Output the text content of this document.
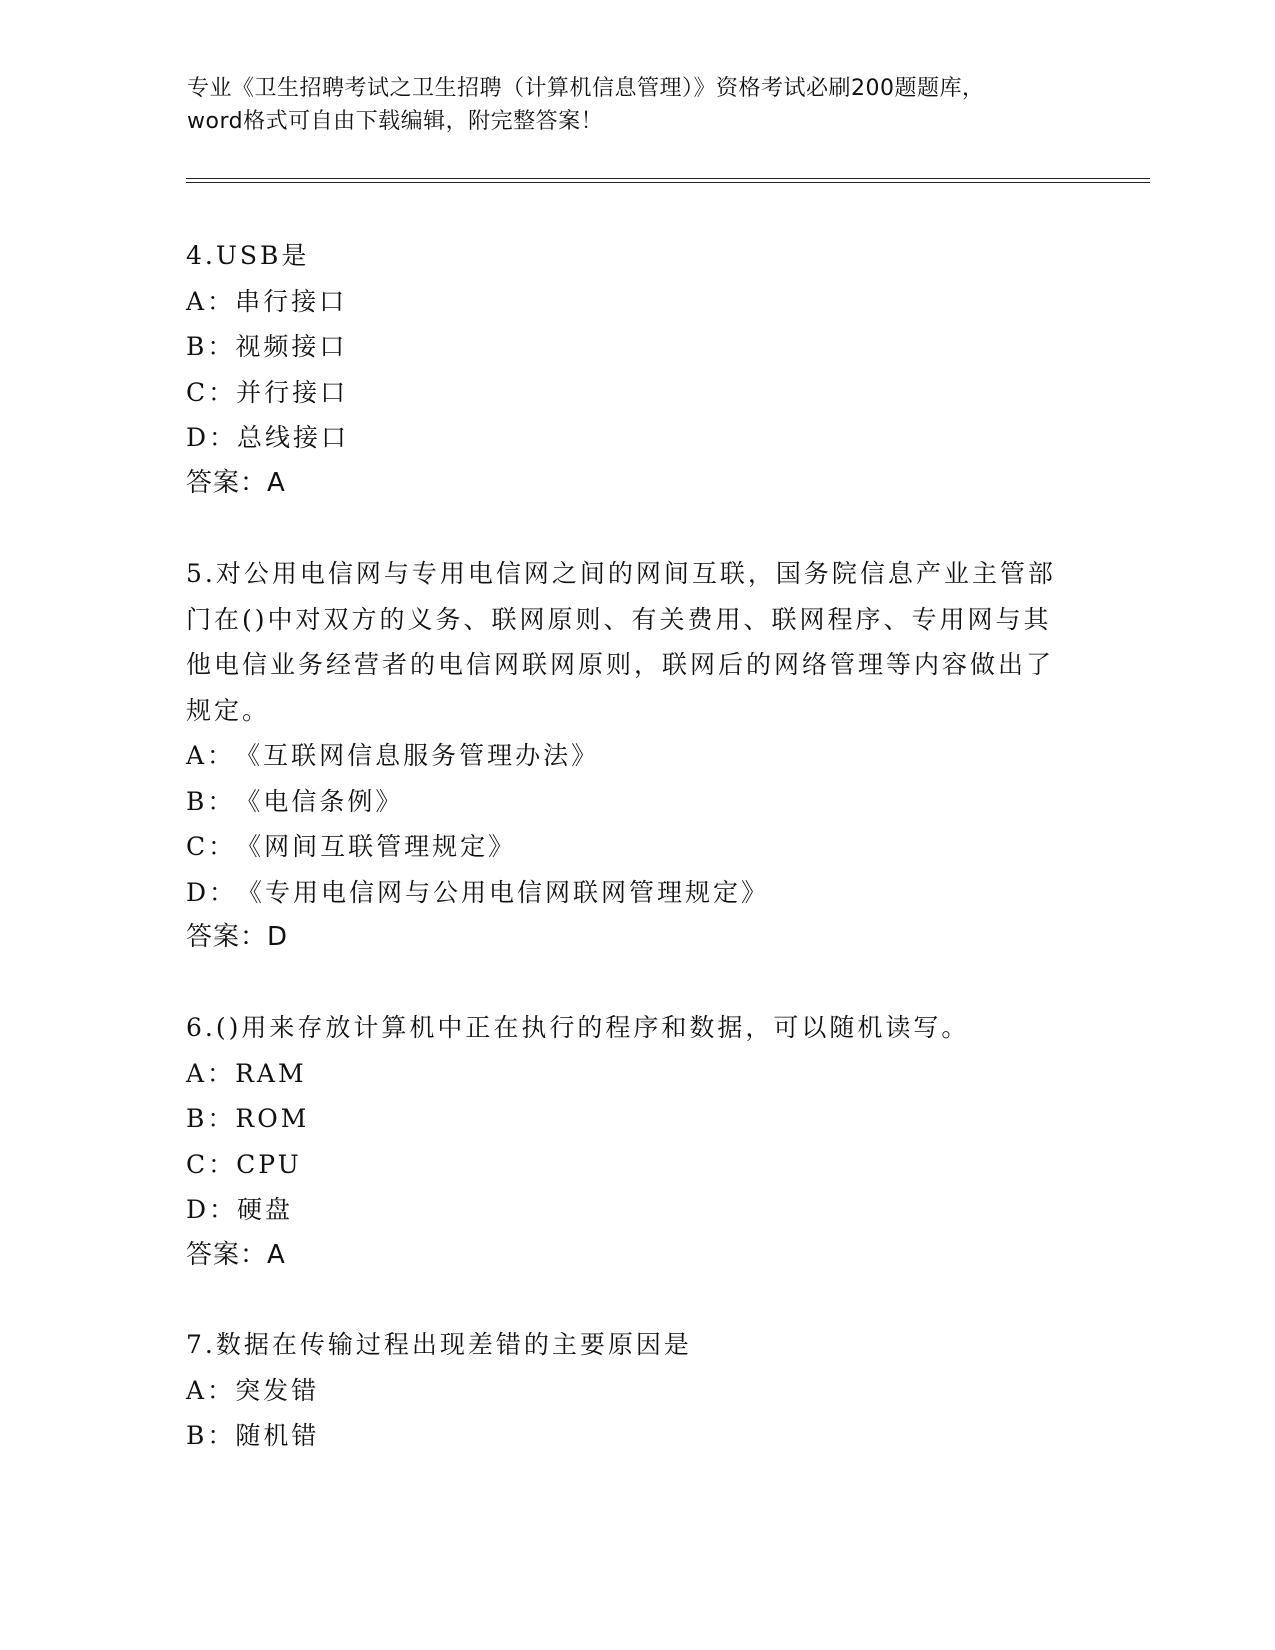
专业《卫生招聘考试之卫生招聘（计算机信息管理）》资格考试必刷200题题库，
word格式可自由下载编辑，附完整答案！
4.USB是
A：串行接口
B：视频接口
C：并行接口
D：总线接口
答案：A
5.对公用电信网与专用电信网之间的网间互联，国务院信息产业主管部门在()中对双方的义务、联网原则、有关费用、联网程序、专用网与其他电信业务经营者的电信网联网原则，联网后的网络管理等内容做出了规定。
A：《互联网信息服务管理办法》
B：《电信条例》
C：《网间互联管理规定》
D：《专用电信网与公用电信网联网管理规定》
答案：D
6.()用来存放计算机中正在执行的程序和数据，可以随机读写。
A：RAM
B：ROM
C：CPU
D：硬盘
答案：A
7.数据在传输过程出现差错的主要原因是
A：突发错
B：随机错
